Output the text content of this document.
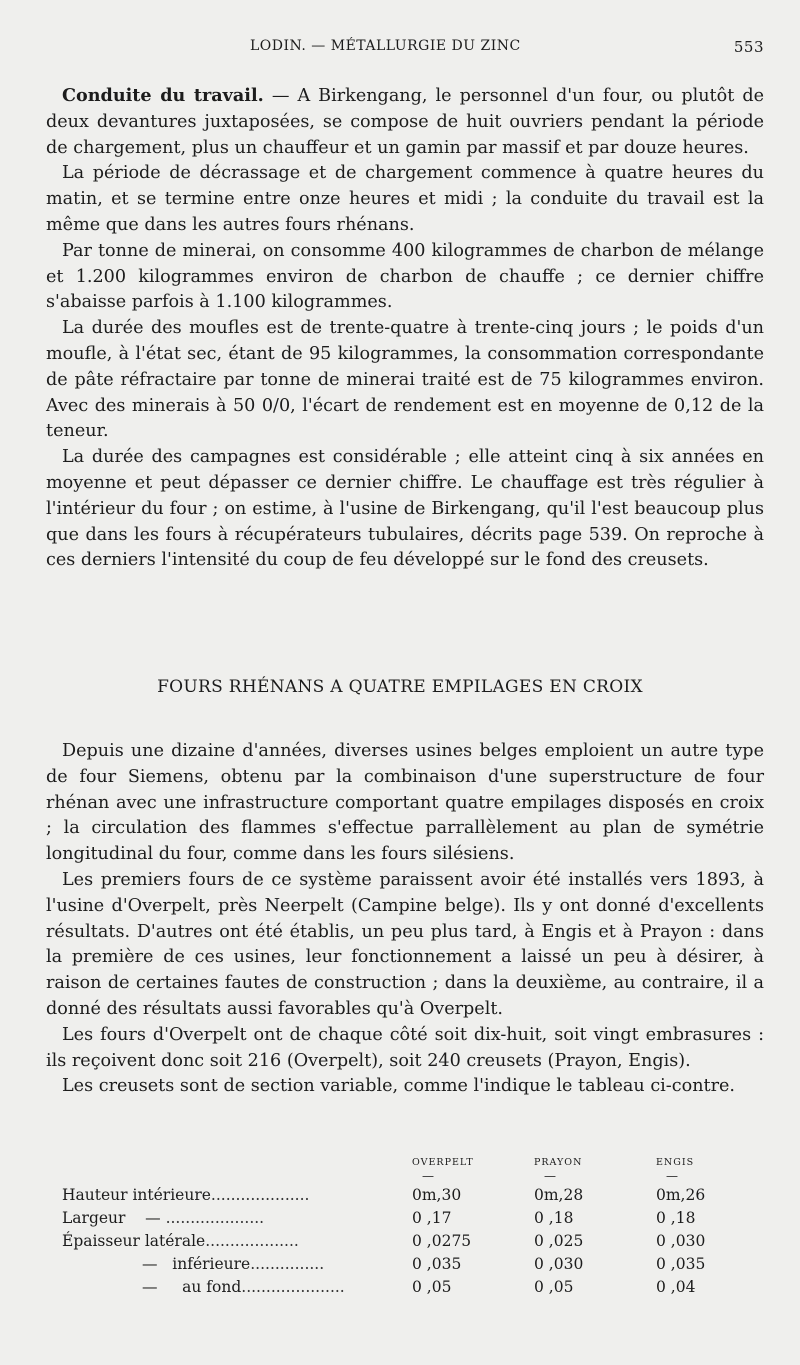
LODIN. — MÉTALLURGIE DU ZINC	553

Conduite du travail. — A Birkengang, le personnel d'un four, ou plutôt de deux devantures juxtaposées, se compose de huit ouvriers pendant la période de chargement, plus un chauffeur et un gamin par massif et par douze heures.

La période de décrassage et de chargement commence à quatre heures du matin, et se termine entre onze heures et midi ; la conduite du travail est la même que dans les autres fours rhénans.

Par tonne de minerai, on consomme 400 kilogrammes de charbon de mélange et 1.200 kilogrammes environ de charbon de chauffe ; ce dernier chiffre s'abaisse parfois à 1.100 kilogrammes.

La durée des moufles est de trente-quatre à trente-cinq jours ; le poids d'un moufle, à l'état sec, étant de 95 kilogrammes, la consommation correspondante de pâte réfractaire par tonne de minerai traité est de 75 kilogrammes environ. Avec des minerais à 50 0/0, l'écart de rendement est en moyenne de 0,12 de la teneur.

La durée des campagnes est considérable ; elle atteint cinq à six années en moyenne et peut dépasser ce dernier chiffre. Le chauffage est très régulier à l'intérieur du four ; on estime, à l'usine de Birkengang, qu'il l'est beaucoup plus que dans les fours à récupérateurs tubulaires, décrits page 539. On reproche à ces derniers l'intensité du coup de feu développé sur le fond des creusets.

FOURS RHÉNANS A QUATRE EMPILAGES EN CROIX

Depuis une dizaine d'années, diverses usines belges emploient un autre type de four Siemens, obtenu par la combinaison d'une superstructure de four rhénan avec une infrastructure comportant quatre empilages disposés en croix ; la circulation des flammes s'effectue parrallèlement au plan de symétrie longitudinal du four, comme dans les fours silésiens.

Les premiers fours de ce système paraissent avoir été installés vers 1893, à l'usine d'Overpelt, près Neerpelt (Campine belge). Ils y ont donné d'excellents résultats. D'autres ont été établis, un peu plus tard, à Engis et à Prayon : dans la première de ces usines, leur fonctionnement a laissé un peu à désirer, à raison de certaines fautes de construction ; dans la deuxième, au contraire, il a donné des résultats aussi favorables qu'à Overpelt.

Les fours d'Overpelt ont de chaque côté soit dix-huit, soit vingt embrasures : ils reçoivent donc soit 216 (Overpelt), soit 240 creusets (Prayon, Engis).

Les creusets sont de section variable, comme l'indique le tableau ci-contre.

	OVERPELT	PRAYON	ENGIS
	—	—	—
Hauteur intérieure....................	0m,30	0m,28	0m,26
Largeur    — ....................	0 ,17	0 ,18	0 ,18
Épaisseur latérale...................	0 ,0275	0 ,025	0 ,030
—   inférieure...............	0 ,035	0 ,030	0 ,035
—     au fond.....................	0 ,05	0 ,05	0 ,04
